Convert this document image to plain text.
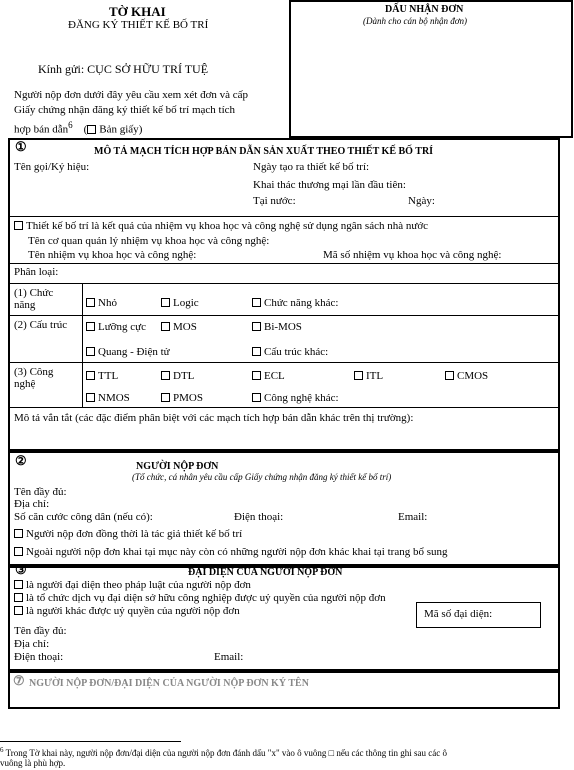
TỜ KHAI
ĐĂNG KÝ THIẾT KẾ BỐ TRÍ
Kính gửi: CỤC SỞ HỮU TRÍ TUỆ
Người nộp đơn dưới đây yêu cầu xem xét đơn và cấp
Giấy chứng nhận đăng ký thiết kế bố trí mạch tích
hợp bán dẫn$^6$    ( Bản giấy)
DẤU NHẬN ĐƠN
(Dành cho cán bộ nhận đơn)
①	MÔ TẢ MẠCH TÍCH HỢP BÁN DẪN SẢN XUẤT THEO THIẾT KẾ BỐ TRÍ
Tên gọi/Ký hiệu:	Ngày tạo ra thiết kế bố trí:
Khai thác thương mại lần đầu tiên:
Tại nước:	Ngày:
Thiết kế bố trí là kết quả của nhiệm vụ khoa học và công nghệ sử dụng ngân sách nhà nước
Tên cơ quan quản lý nhiệm vụ khoa học và công nghệ:
Tên nhiệm vụ khoa học và công nghệ:	Mã số nhiệm vụ khoa học và công nghệ:
Phân loại:
(1) Chức
năng	Nhỏ	Logic	Chức năng khác:
(2) Cấu trúc	Lưỡng cực	MOS	Bi-MOS
Quang - Điện tử	Cấu trúc khác:
(3) Công
nghệ
TTL	DTL	ECL	ITL	CMOS
NMOS	PMOS	Công nghệ khác:
Mô tả vắn tắt (các đặc điểm phân biệt với các mạch tích hợp bán dẫn khác trên thị trường):
②	NGƯỜI NỘP ĐƠN
(Tổ chức, cá nhân yêu cầu cấp Giấy chứng nhận đăng ký thiết kế bố trí)
Tên đầy đủ:
Địa chỉ:
Số căn cước công dân (nếu có):	Điện thoại:	Email:
Người nộp đơn đồng thời là tác giả thiết kế bố trí
Ngoài người nộp đơn khai tại mục này còn có những người nộp đơn khác khai tại trang bổ sung
③	ĐẠI DIỆN CỦA NGƯỜI NỘP ĐƠN
là người đại diện theo pháp luật của người nộp đơn
là tổ chức dịch vụ đại diện sở hữu công nghiệp được uỷ quyền của người nộp đơn
là người khác được uỷ quyền của người nộp đơn	Mã số đại diện:
Tên đầy đủ:
Địa chỉ:
Điện thoại:	Email:
⑦ NGƯỜI NỘP ĐƠN/ĐẠI DIỆN CỦA NGƯỜI NỘP ĐƠN KÝ TÊN
$^6$ Trong Tờ khai này, người nộp đơn/đại diện của người nộp đơn đánh dấu "x" vào ô vuông □ nếu các thông tin ghi sau các ô
vuông là phù hợp.
